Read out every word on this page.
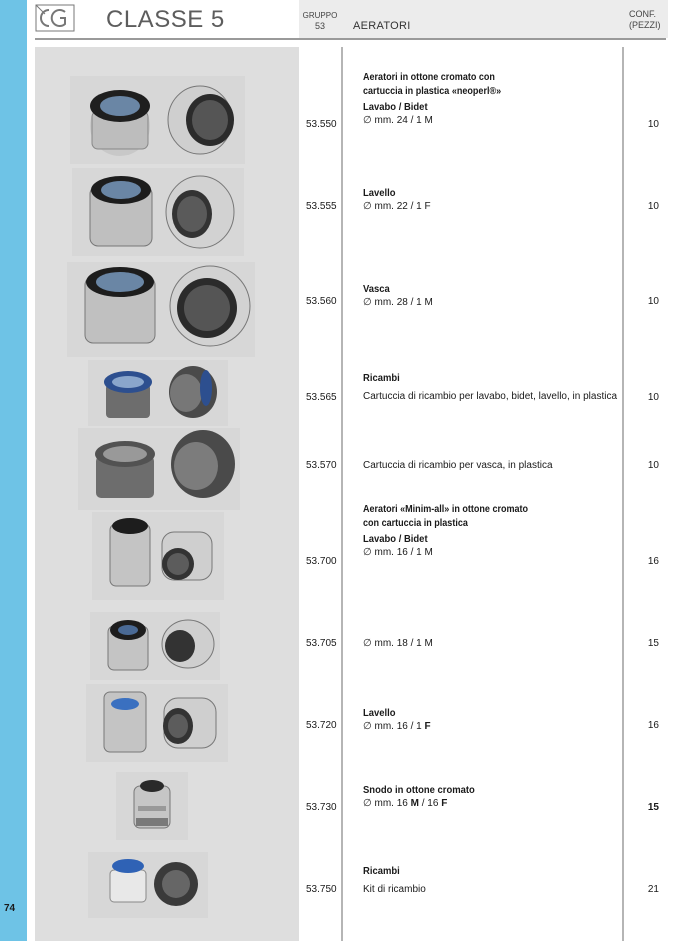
74
CLASSE 5	GRUPPO
53	AERATORI
CONF.
(PEZZI)
Aeratori in ottone cromato con
cartuccia in plastica «neoperl®»
Lavabo / Bidet
∅ mm. 24 / 1 M
53.550	10
Lavello
∅ mm. 22 / 1 F
53.555	10
Vasca
∅ mm. 28 / 1 M
53.560	10
Ricambi
Cartuccia di ricambio per lavabo, bidet, lavello, in plastica
53.565	10
Cartuccia di ricambio per vasca, in plastica
53.570	10
Aeratori «Minim-all» in ottone cromato
con cartuccia in plastica
Lavabo / Bidet
∅ mm. 16 / 1 M
53.700	16
∅ mm. 18 / 1 M
53.705	15
Lavello
∅ mm. 16 / 1 F
53.720	16
Snodo in ottone cromato
∅ mm. 16 M / 16 F
53.730	15
Ricambi
Kit di ricambio
53.750	21
